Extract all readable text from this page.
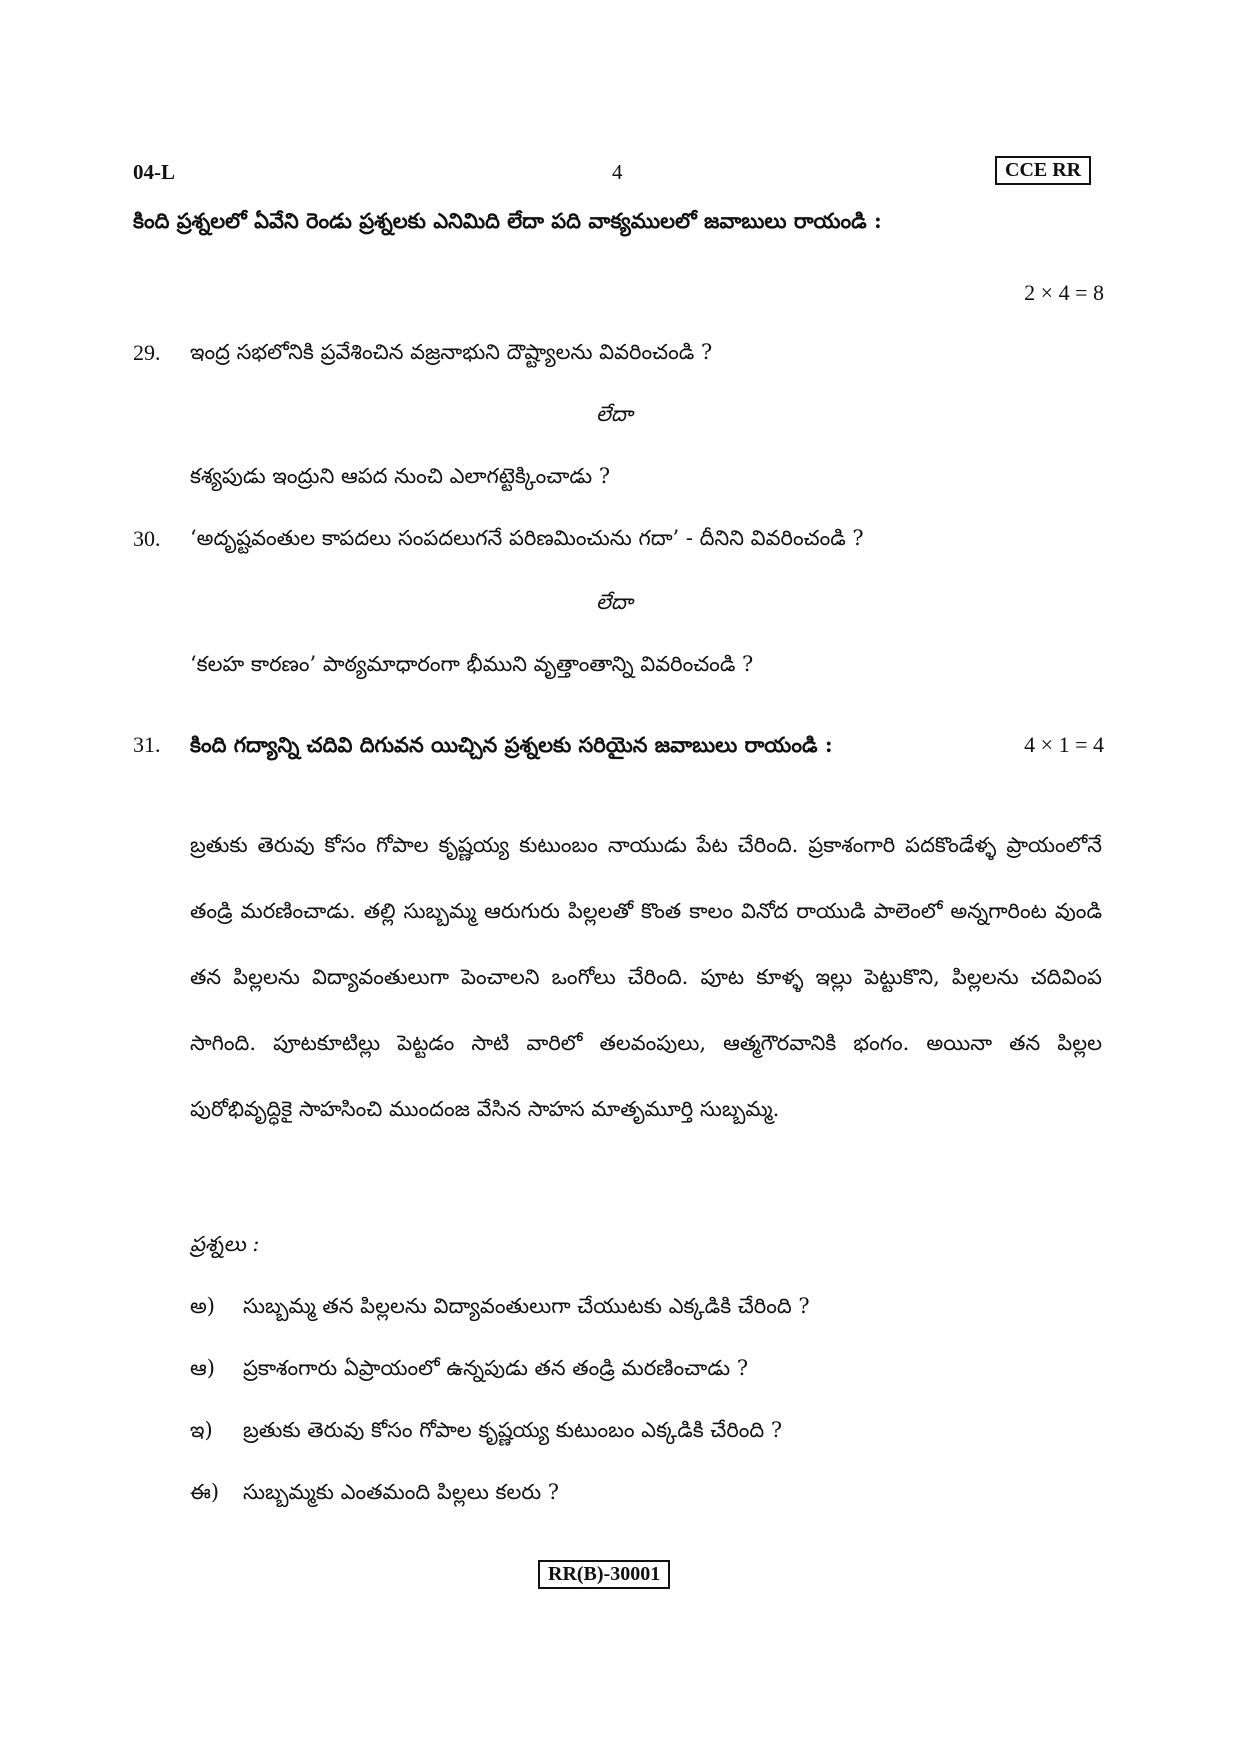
04-L	4	CCE RR
కింది ప్రశ్నలలో ఏవేని రెండు ప్రశ్నలకు ఎనిమిది లేదా పది వాక్యములలో జవాబులు రాయండి :
2 × 4 = 8
29. ఇంద్ర సభలోనికి ప్రవేశించిన వజ్రనాభుని దౌష్ట్యాలను వివరించండి ?
లేదా
కశ్యపుడు ఇంద్రుని ఆపద నుంచి ఎలాగట్టెక్కించాడు ?
30. ‘అదృష్టవంతుల కాపదలు సంపదలుగనే పరిణమించును గదా’ - దీనిని వివరించండి ?
లేదా
‘కలహ కారణం’ పాఠ్యమాధారంగా భీముని వృత్తాంతాన్ని వివరించండి ?
31. కింది గద్యాన్ని చదివి దిగువన యిచ్చిన ప్రశ్నలకు సరియైన జవాబులు రాయండి :	4 × 1 = 4
బ్రతుకు తెరువు కోసం గోపాల కృష్ణయ్య కుటుంబం నాయుడు పేట చేరింది. ప్రకాశంగారి పదకొండేళ్ళ ప్రాయంలోనే తండ్రి మరణించాడు. తల్లి సుబ్బమ్మ ఆరుగురు పిల్లలతో కొంత కాలం వినోద రాయుడి పాలెంలో అన్నగారింట వుండి తన పిల్లలను విద్యావంతులుగా పెంచాలని ఒంగోలు చేరింది. పూట కూళ్ళ ఇల్లు పెట్టుకొని, పిల్లలను చదివింప సాగింది. పూటకూటిల్లు పెట్టడం సాటి వారిలో తలవంపులు, ఆత్మగౌరవానికి భంగం. అయినా తన పిల్లల పురోభివృద్ధికై సాహసించి ముందంజ వేసిన సాహస మాతృమూర్తి సుబ్బమ్మ.
ప్రశ్నలు :
అ) సుబ్బమ్మ తన పిల్లలను విద్యావంతులుగా చేయుటకు ఎక్కడికి చేరింది ?
ఆ) ప్రకాశంగారు ఏప్రాయంలో ఉన్నపుడు తన తండ్రి మరణించాడు ?
ఇ) బ్రతుకు తెరువు కోసం గోపాల కృష్ణయ్య కుటుంబం ఎక్కడికి చేరింది ?
ఈ) సుబ్బమ్మకు ఎంతమంది పిల్లలు కలరు ?
RR(B)-30001
